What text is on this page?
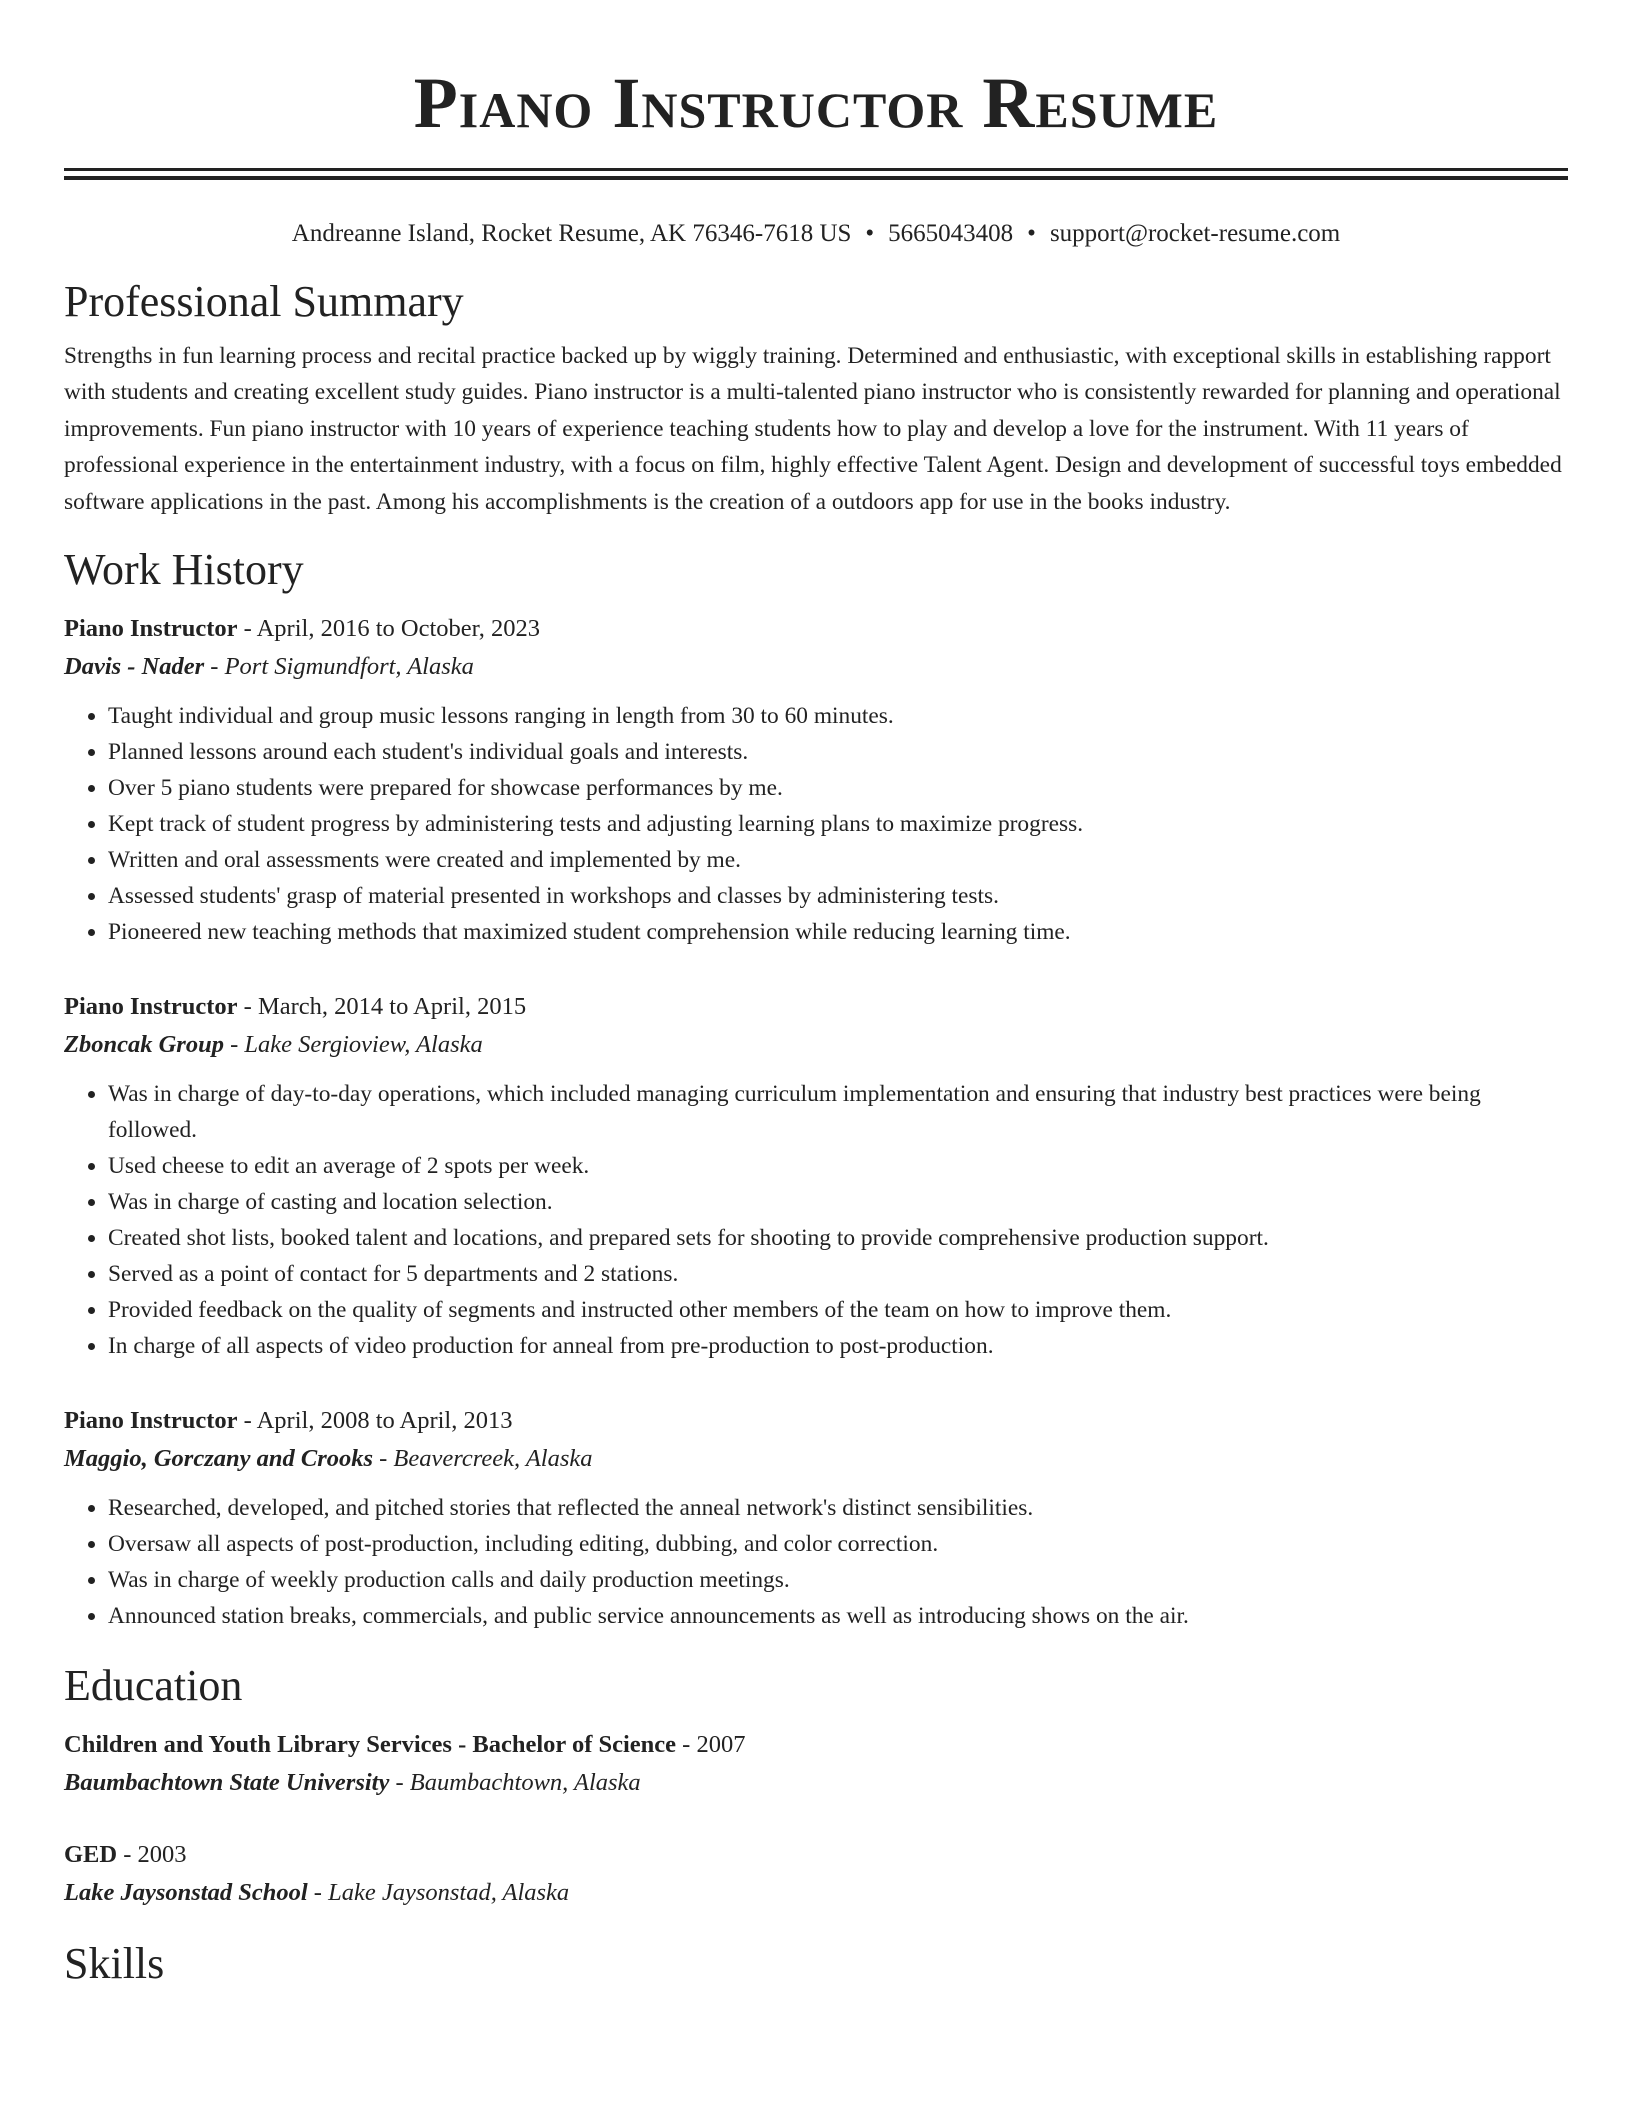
Piano Instructor Resume
Andreanne Island, Rocket Resume, AK 76346-7618 US • 5665043408 • support@rocket-resume.com
Professional Summary

Strengths in fun learning process and recital practice backed up by wiggly training. Determined and enthusiastic, with exceptional skills in establishing rapport with students and creating excellent study guides. Piano instructor is a multi-talented piano instructor who is consistently rewarded for planning and operational improvements. Fun piano instructor with 10 years of experience teaching students how to play and develop a love for the instrument. With 11 years of professional experience in the entertainment industry, with a focus on film, highly effective Talent Agent. Design and development of successful toys embedded software applications in the past. Among his accomplishments is the creation of a outdoors app for use in the books industry.

Work History
Piano Instructor - April, 2016 to October, 2023
Davis - Nader - Port Sigmundfort, Alaska
• Taught individual and group music lessons ranging in length from 30 to 60 minutes.
• Planned lessons around each student's individual goals and interests.
• Over 5 piano students were prepared for showcase performances by me.
• Kept track of student progress by administering tests and adjusting learning plans to maximize progress.
• Written and oral assessments were created and implemented by me.
• Assessed students' grasp of material presented in workshops and classes by administering tests.
• Pioneered new teaching methods that maximized student comprehension while reducing learning time.
Piano Instructor - March, 2014 to April, 2015
Zboncak Group - Lake Sergioview, Alaska
• Was in charge of day-to-day operations, which included managing curriculum implementation and ensuring that industry best practices were being followed.
• Used cheese to edit an average of 2 spots per week.
• Was in charge of casting and location selection.
• Created shot lists, booked talent and locations, and prepared sets for shooting to provide comprehensive production support.
• Served as a point of contact for 5 departments and 2 stations.
• Provided feedback on the quality of segments and instructed other members of the team on how to improve them.
• In charge of all aspects of video production for anneal from pre-production to post-production.
Piano Instructor - April, 2008 to April, 2013
Maggio, Gorczany and Crooks - Beavercreek, Alaska
• Researched, developed, and pitched stories that reflected the anneal network's distinct sensibilities.
• Oversaw all aspects of post-production, including editing, dubbing, and color correction.
• Was in charge of weekly production calls and daily production meetings.
• Announced station breaks, commercials, and public service announcements as well as introducing shows on the air.
Education
Children and Youth Library Services - Bachelor of Science - 2007
Baumbachtown State University - Baumbachtown, Alaska
GED - 2003
Lake Jaysonstad School - Lake Jaysonstad, Alaska
Skills
